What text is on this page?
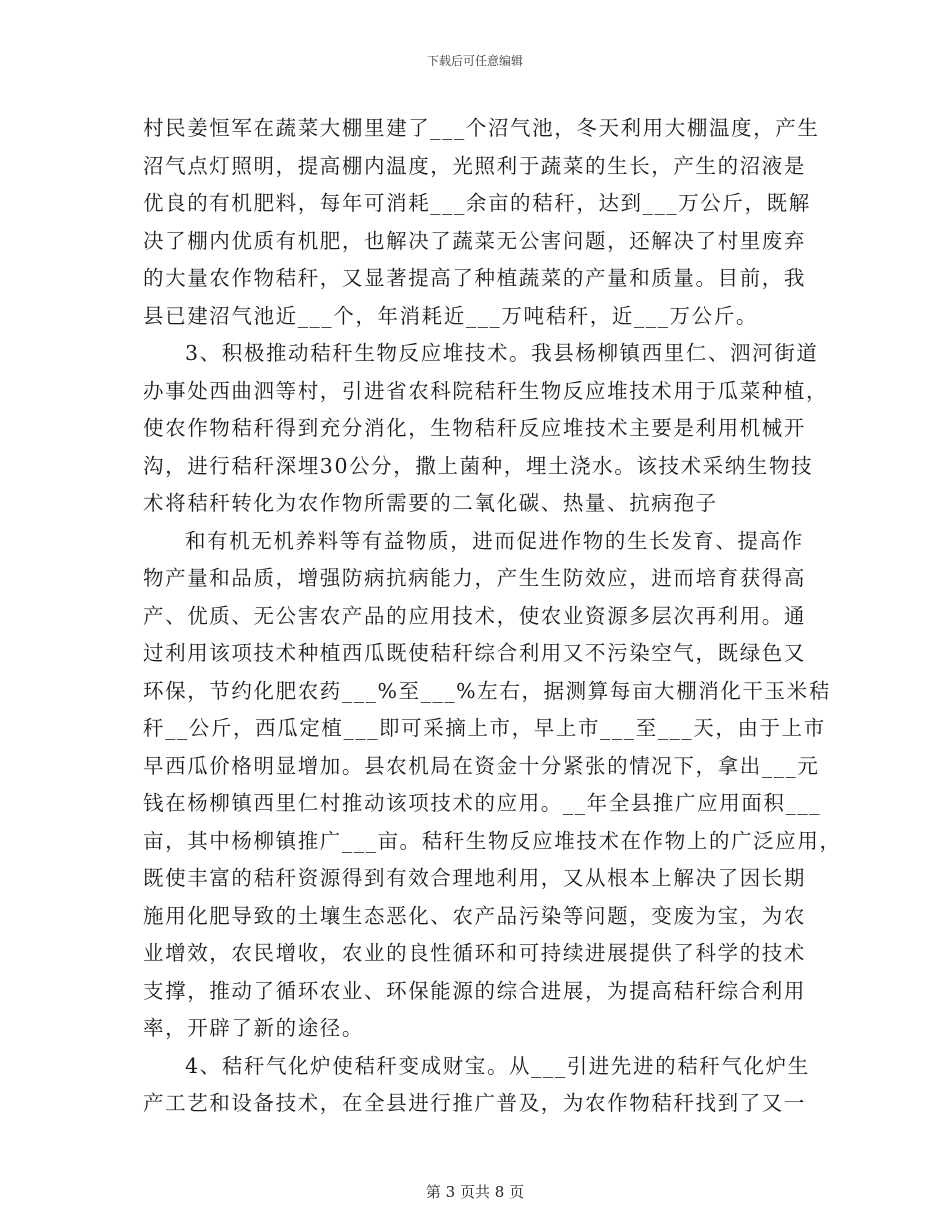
下载后可任意编辑
村民姜恒军在蔬菜大棚里建了___个沼气池，冬天利用大棚温度，产生
沼气点灯照明，提高棚内温度，光照利于蔬菜的生长，产生的沼液是
优良的有机肥料，每年可消耗___余亩的秸秆，达到___万公斤，既解
决了棚内优质有机肥，也解决了蔬菜无公害问题，还解决了村里废弃
的大量农作物秸秆，又显著提高了种植蔬菜的产量和质量。目前，我
县已建沼气池近___个，年消耗近___万吨秸秆，近___万公斤。
3、积极推动秸秆生物反应堆技术。我县杨柳镇西里仁、泗河街道
办事处西曲泗等村，引进省农科院秸秆生物反应堆技术用于瓜菜种植，
使农作物秸秆得到充分消化，生物秸秆反应堆技术主要是利用机械开
沟，进行秸秆深埋30公分，撒上菌种，埋土浇水。该技术采纳生物技
术将秸秆转化为农作物所需要的二氧化碳、热量、抗病孢子
和有机无机养料等有益物质，进而促进作物的生长发育、提高作
物产量和品质，增强防病抗病能力，产生生防效应，进而培育获得高
产、优质、无公害农产品的应用技术，使农业资源多层次再利用。通
过利用该项技术种植西瓜既使秸秆综合利用又不污染空气，既绿色又
环保，节约化肥农药___%至___%左右，据测算每亩大棚消化干玉米秸
秆__公斤，西瓜定植___即可采摘上市，早上市___至___天，由于上市
早西瓜价格明显增加。县农机局在资金十分紧张的情况下，拿出___元
钱在杨柳镇西里仁村推动该项技术的应用。__年全县推广应用面积___
亩，其中杨柳镇推广___亩。秸秆生物反应堆技术在作物上的广泛应用，
既使丰富的秸秆资源得到有效合理地利用，又从根本上解决了因长期
施用化肥导致的土壤生态恶化、农产品污染等问题，变废为宝，为农
业增效，农民增收，农业的良性循环和可持续进展提供了科学的技术
支撑，推动了循环农业、环保能源的综合进展，为提高秸秆综合利用
率，开辟了新的途径。
4、秸秆气化炉使秸秆变成财宝。从___引进先进的秸秆气化炉生
产工艺和设备技术，在全县进行推广普及，为农作物秸秆找到了又一
第 3 页共 8 页
